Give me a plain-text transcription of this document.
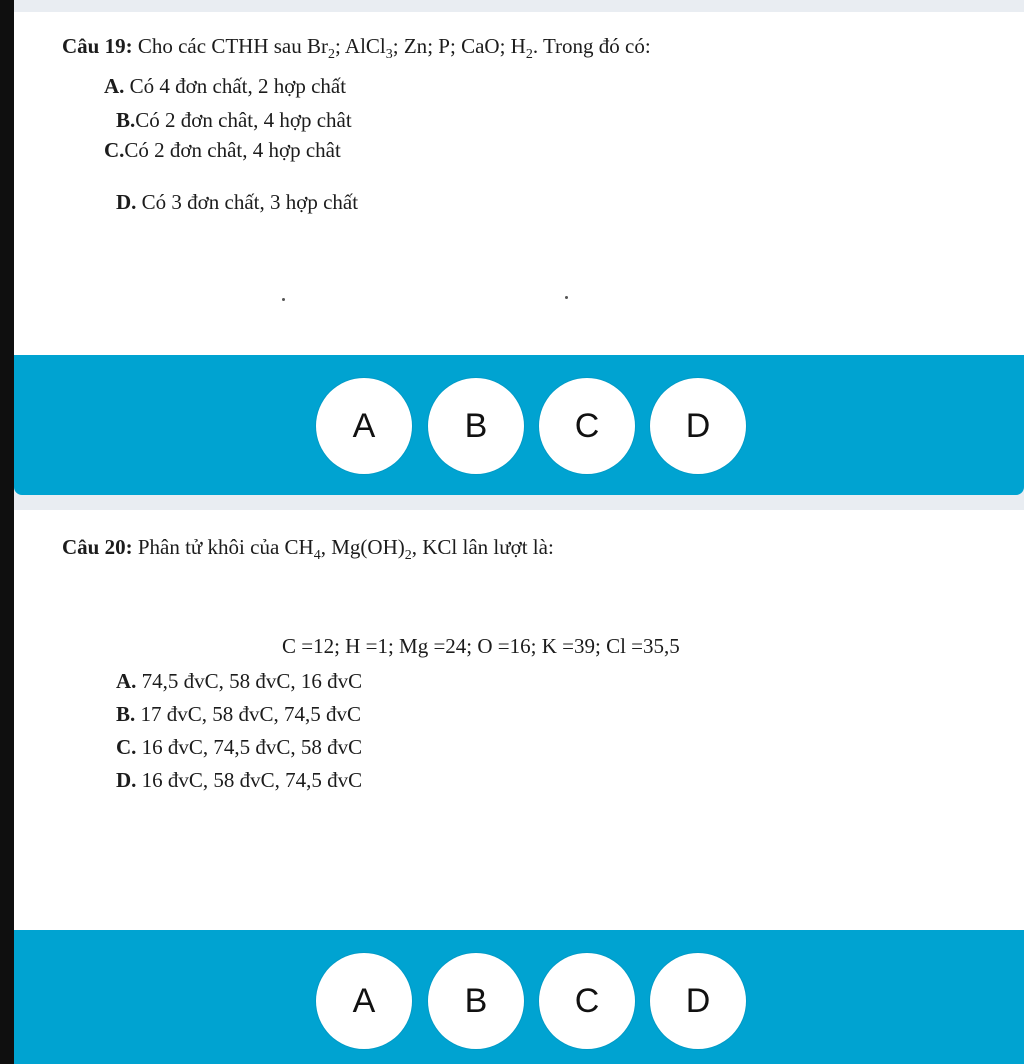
Câu 19: Cho các CTHH sau $Br_2$; AlCl$_3$; Zn; P; CaO; $H_2$. Trong đó có:
A. Có 4 đơn chất, 2 hợp chất
B.Có 2 đơn chât, 4 hợp chât
C.Có 2 đơn chât, 4 hợp chât
D. Có 3 đơn chất, 3 hợp chất
A	B	C	D
Câu 20: Phân tử khôi của $CH_4$, $Mg(OH)_2$, KCl lân lượt là:
C =12; H =1; Mg =24; O =16; K =39; Cl =35,5
A. 74,5 đvC, 58 đvC, 16 đvC
B. 17 đvC, 58 đvC, 74,5 đvC
C. 16 đvC, 74,5 đvC, 58 đvC
D. 16 đvC, 58 đvC, 74,5 đvC
A	B	C	D
